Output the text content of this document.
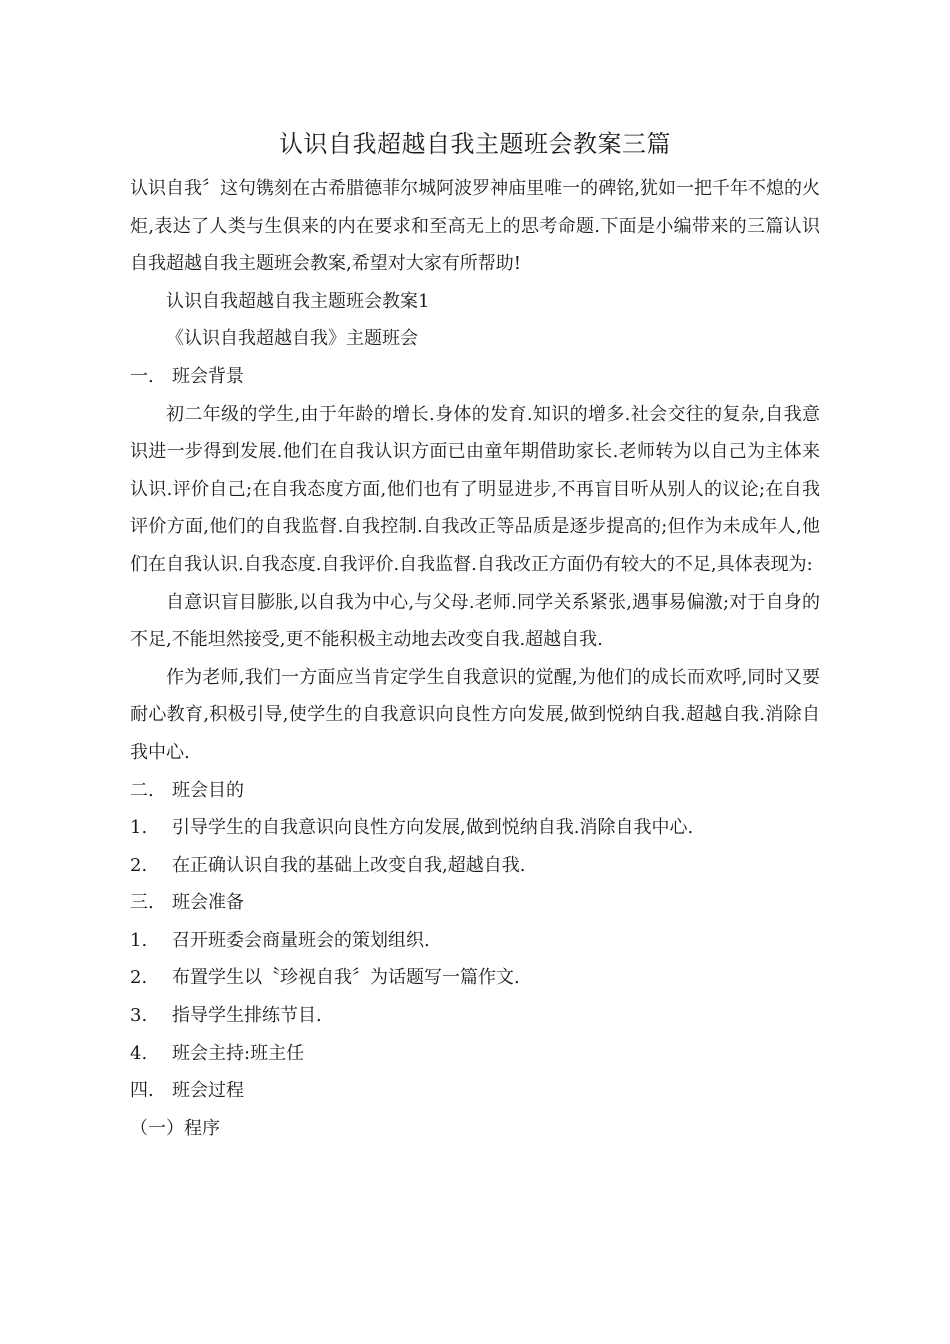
认识自我超越自我主题班会教案三篇

认识自我〞这句镌刻在古希腊德菲尔城阿波罗神庙里唯一的碑铭,犹如一把千年不熄的火炬,表达了人类与生俱来的内在要求和至高无上的思考命题.下面是小编带来的三篇认识自我超越自我主题班会教案,希望对大家有所帮助!

认识自我超越自我主题班会教案1

《认识自我超越自我》主题班会

一.	班会背景

初二年级的学生,由于年龄的增长.身体的发育.知识的增多.社会交往的复杂,自我意识进一步得到发展.他们在自我认识方面已由童年期借助家长.老师转为以自己为主体来认识.评价自己;在自我态度方面,他们也有了明显进步,不再盲目听从别人的议论;在自我评价方面,他们的自我监督.自我控制.自我改正等品质是逐步提高的;但作为未成年人,他们在自我认识.自我态度.自我评价.自我监督.自我改正方面仍有较大的不足,具体表现为:

自意识盲目膨胀,以自我为中心,与父母.老师.同学关系紧张,遇事易偏激;对于自身的不足,不能坦然接受,更不能积极主动地去改变自我.超越自我.

作为老师,我们一方面应当肯定学生自我意识的觉醒,为他们的成长而欢呼,同时又要耐心教育,积极引导,使学生的自我意识向良性方向发展,做到悦纳自我.超越自我.消除自我中心.

二.	班会目的

1.	引导学生的自我意识向良性方向发展,做到悦纳自我.消除自我中心.

2.	在正确认识自我的基础上改变自我,超越自我.

三.	班会准备

1.	召开班委会商量班会的策划组织.

2.	布置学生以〝珍视自我〞为话题写一篇作文.

3.	指导学生排练节目.

4.	班会主持:班主任

四.	班会过程

（一）程序
